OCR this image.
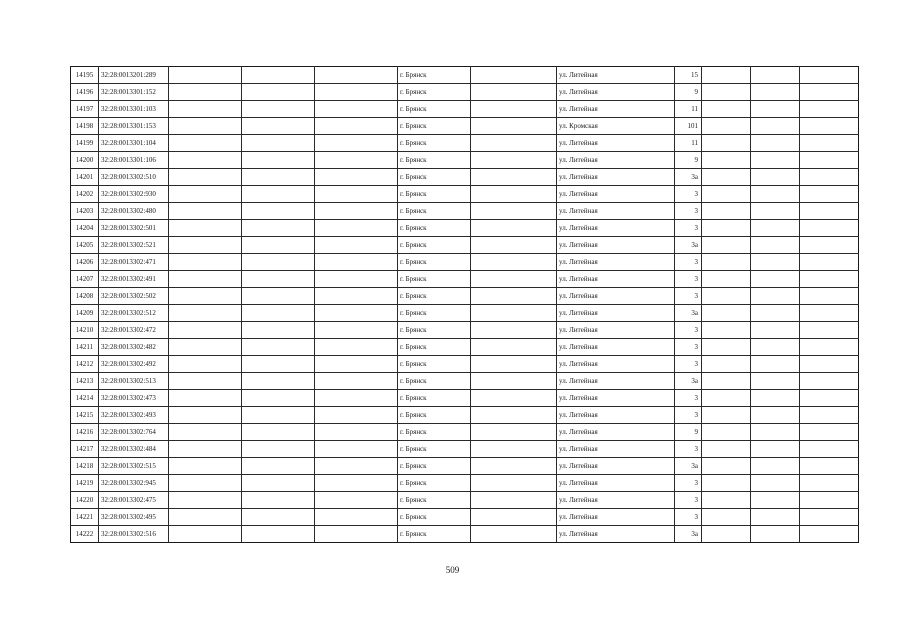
14195	32:28:0013201:289				г. Брянск		ул. Литейная	15			
14196	32:28:0013301:152				г. Брянск		ул. Литейная	9			
14197	32:28:0013301:103				г. Брянск		ул. Литейная	11			
14198	32:28:0013301:153				г. Брянск		ул. Кромская	101			
14199	32:28:0013301:104				г. Брянск		ул. Литейная	11			
14200	32:28:0013301:106				г. Брянск		ул. Литейная	9			
14201	32:28:0013302:510				г. Брянск		ул. Литейная	3а			
14202	32:28:0013302:930				г. Брянск		ул. Литейная	3			
14203	32:28:0013302:480				г. Брянск		ул. Литейная	3			
14204	32:28:0013302:501				г. Брянск		ул. Литейная	3			
14205	32:28:0013302:521				г. Брянск		ул. Литейная	3а			
14206	32:28:0013302:471				г. Брянск		ул. Литейная	3			
14207	32:28:0013302:491				г. Брянск		ул. Литейная	3			
14208	32:28:0013302:502				г. Брянск		ул. Литейная	3			
14209	32:28:0013302:512				г. Брянск		ул. Литейная	3а			
14210	32:28:0013302:472				г. Брянск		ул. Литейная	3			
14211	32:28:0013302:482				г. Брянск		ул. Литейная	3			
14212	32:28:0013302:492				г. Брянск		ул. Литейная	3			
14213	32:28:0013302:513				г. Брянск		ул. Литейная	3а			
14214	32:28:0013302:473				г. Брянск		ул. Литейная	3			
14215	32:28:0013302:493				г. Брянск		ул. Литейная	3			
14216	32:28:0013302:764				г. Брянск		ул. Литейная	9			
14217	32:28:0013302:484				г. Брянск		ул. Литейная	3			
14218	32:28:0013302:515				г. Брянск		ул. Литейная	3а			
14219	32:28:0013302:945				г. Брянск		ул. Литейная	3			
14220	32:28:0013302:475				г. Брянск		ул. Литейная	3			
14221	32:28:0013302:495				г. Брянск		ул. Литейная	3			
14222	32:28:0013302:516				г. Брянск		ул. Литейная	3а			
509
